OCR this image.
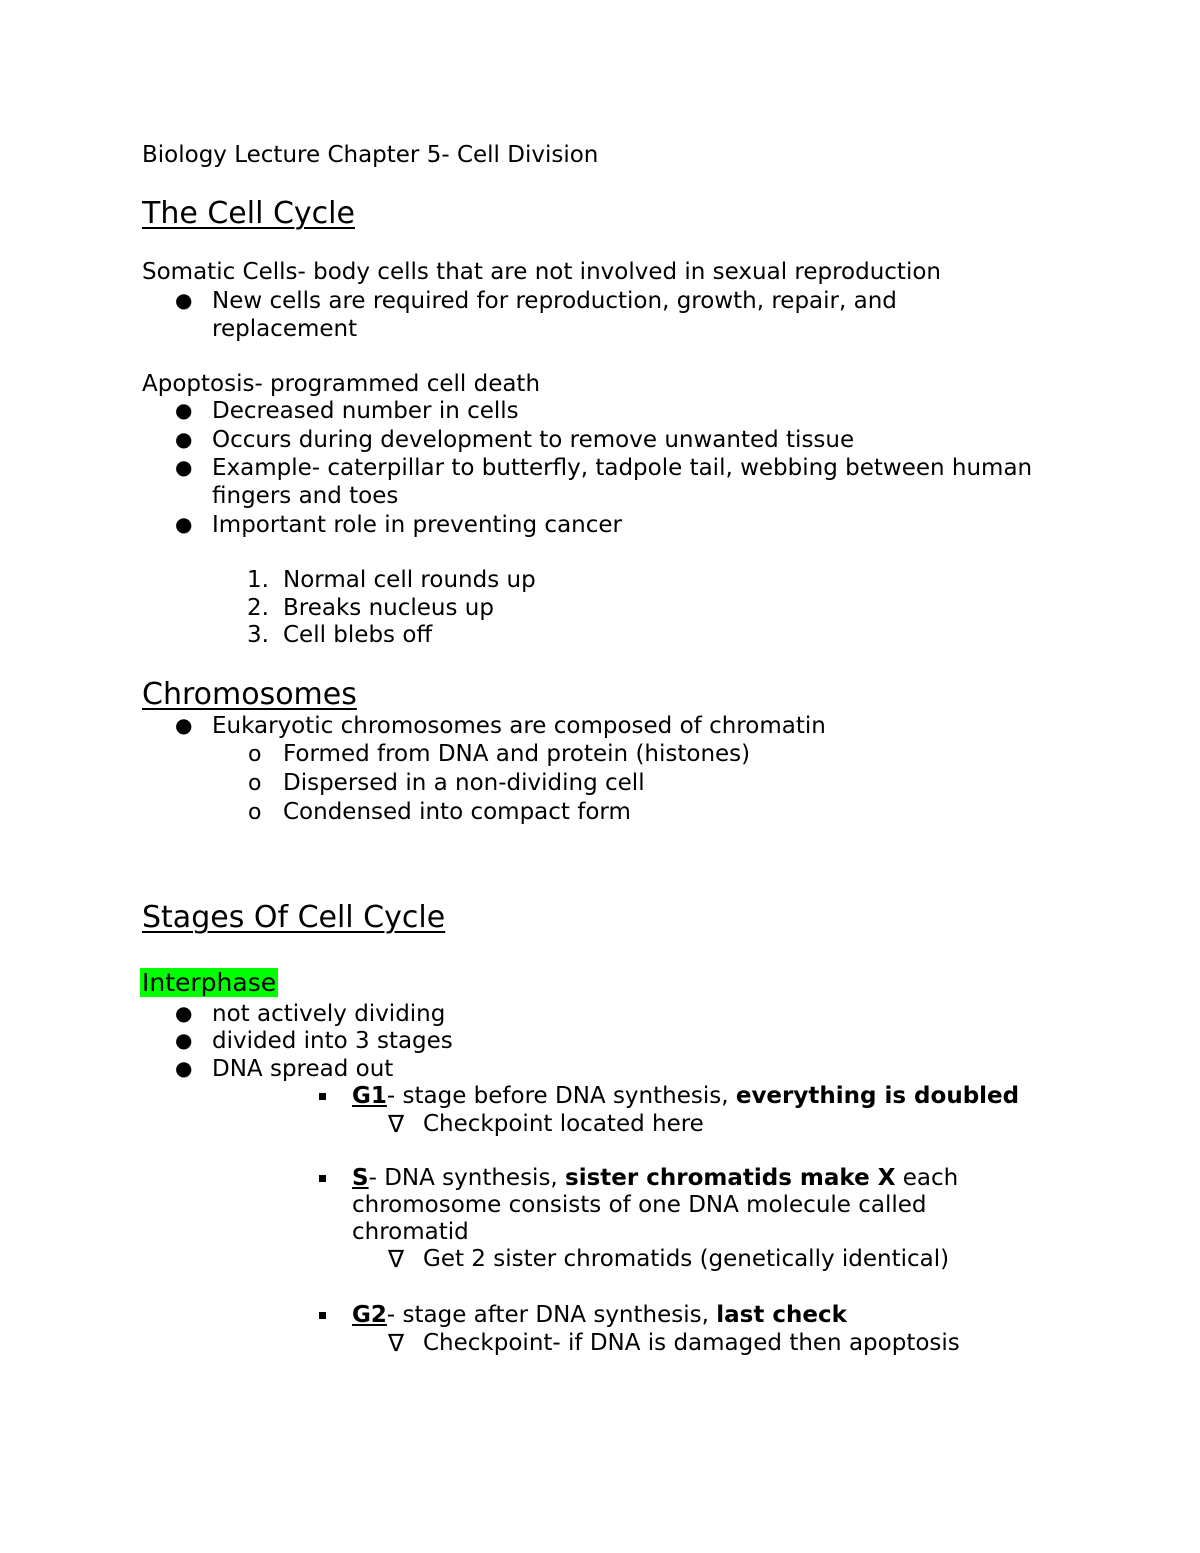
Biology Lecture Chapter 5- Cell Division
The Cell Cycle
Somatic Cells- body cells that are not involved in sexual reproduction
● New cells are required for reproduction, growth, repair, and
replacement
Apoptosis- programmed cell death
● Decreased number in cells
● Occurs during development to remove unwanted tissue
● Example- caterpillar to butterfly, tadpole tail, webbing between human
fingers and toes
● Important role in preventing cancer
1. Normal cell rounds up
2. Breaks nucleus up
3. Cell blebs off
Chromosomes
● Eukaryotic chromosomes are composed of chromatin
o Formed from DNA and protein (histones)
o Dispersed in a non-dividing cell
o Condensed into compact form
Stages Of Cell Cycle
Interphase
● not actively dividing
● divided into 3 stages
● DNA spread out
G1- stage before DNA synthesis, everything is doubled
∇ Checkpoint located here
S- DNA synthesis, sister chromatids make X each
chromosome consists of one DNA molecule called
chromatid
∇ Get 2 sister chromatids (genetically identical)
G2- stage after DNA synthesis, last check
∇ Checkpoint- if DNA is damaged then apoptosis
